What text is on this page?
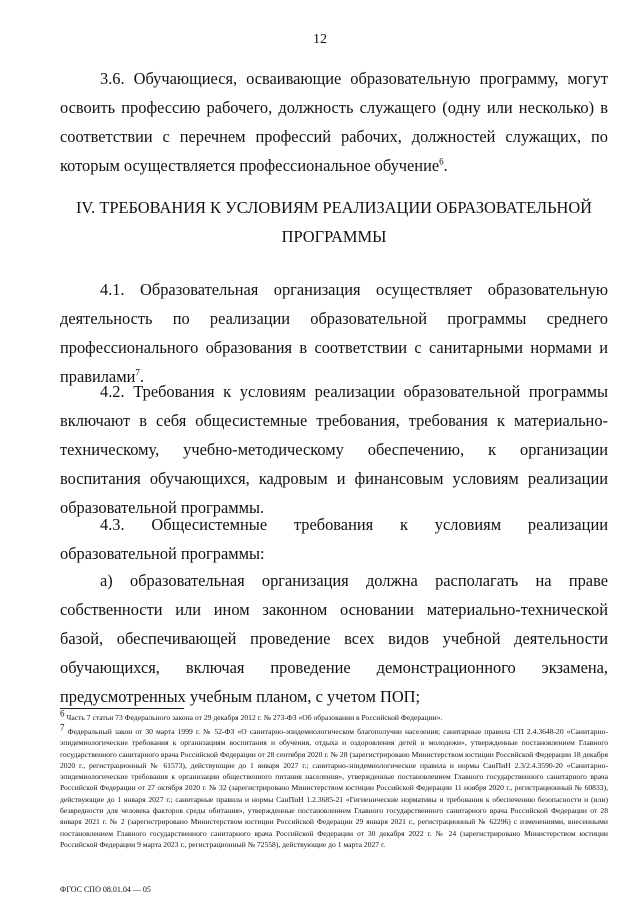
12

3.6. Обучающиеся, осваивающие образовательную программу, могут освоить профессию рабочего, должность служащего (одну или несколько) в соответствии с перечнем профессий рабочих, должностей служащих, по которым осуществляется профессиональное обучение$^6$.

IV. ТРЕБОВАНИЯ К УСЛОВИЯМ РЕАЛИЗАЦИИ ОБРАЗОВАТЕЛЬНОЙ
ПРОГРАММЫ

4.1. Образовательная организация осуществляет образовательную деятельность по реализации образовательной программы среднего профессионального образования в соответствии с санитарными нормами и правилами$^7$.

4.2. Требования к условиям реализации образовательной программы включают в себя общесистемные требования, требования к материально-техническому, учебно-методическому обеспечению, к организации воспитания обучающихся, кадровым и финансовым условиям реализации образовательной программы.

4.3. Общесистемные требования к условиям реализации образовательной программы:

а) образовательная организация должна располагать на праве собственности или ином законном основании материально-технической базой, обеспечивающей проведение всех видов учебной деятельности обучающихся, включая проведение демонстрационного экзамена, предусмотренных учебным планом, с учетом ПОП;

$^6$ Часть 7 статьи 73 Федерального закона от 29 декабря 2012 г. № 273-ФЗ «Об образовании в Российской Федерации».

$^7$ Федеральный закон от 30 марта 1999 г. № 52-ФЗ «О санитарно-эпидемиологическом благополучии населения; санитарные правила СП 2.4.3648-20 «Санитарно-эпидемиологические требования к организациям воспитания и обучения, отдыха и оздоровления детей и молодежи», утвержденные постановлением Главного государственного санитарного врача Российской Федерации от 28 сентября 2020 г. № 28 (зарегистрировано Министерством юстиции Российской Федерации 18 декабря 2020 г., регистрационный № 61573), действующие до 1 января 2027 г.; санитарно-эпидемиологические правила и нормы СанПиН 2.3/2.4.3590-20 «Санитарно-эпидемиологические требования к организации общественного питания населения», утвержденные постановлением Главного государственного санитарного врача Российской Федерации от 27 октября 2020 г. № 32 (зарегистрировано Министерством юстиции Российской Федерации 11 ноября 2020 г., регистрационный № 60833), действующие до 1 января 2027 г.; санитарные правила и нормы СанПиН 1.2.3685-21 «Гигиенические нормативы и требования к обеспечению безопасности и (или) безвредности для человека факторов среды обитания», утвержденные постановлением Главного государственного санитарного врача Российской Федерации от 28 января 2021 г. № 2 (зарегистрировано Министерством юстиции Российской Федерации 29 января 2021 г., регистрационный № 62296) с изменениями, внесенными постановлением Главного государственного санитарного врача Российской Федерации от 30 декабря 2022 г. № 24 (зарегистрировано Министерством юстиции Российской Федерации 9 марта 2023 г., регистрационный № 72558), действующие до 1 марта 2027 г.

ФГОС СПО 08.01.04 — 05
